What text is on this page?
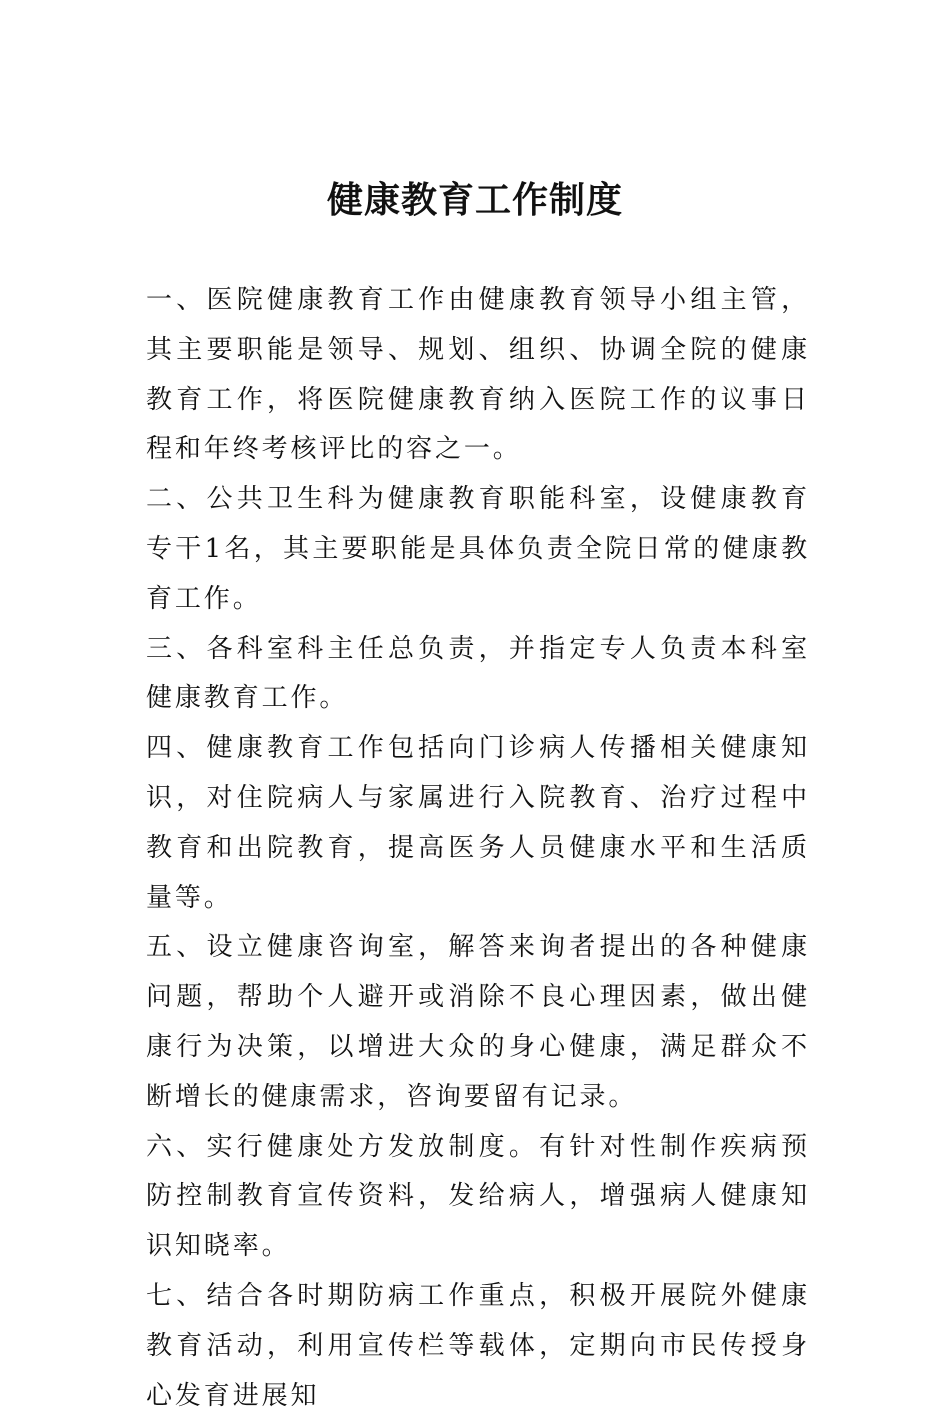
健康教育工作制度

一、医院健康教育工作由健康教育领导小组主管，其主要职能是领导、规划、组织、协调全院的健康教育工作，将医院健康教育纳入医院工作的议事日程和年终考核评比的容之一。

二、公共卫生科为健康教育职能科室，设健康教育专干1名，其主要职能是具体负责全院日常的健康教育工作。

三、各科室科主任总负责，并指定专人负责本科室健康教育工作。

四、健康教育工作包括向门诊病人传播相关健康知识，对住院病人与家属进行入院教育、治疗过程中教育和出院教育，提高医务人员健康水平和生活质量等。

五、设立健康咨询室，解答来询者提出的各种健康问题，帮助个人避开或消除不良心理因素，做出健康行为决策，以增进大众的身心健康，满足群众不断增长的健康需求，咨询要留有记录。

六、实行健康处方发放制度。有针对性制作疾病预防控制教育宣传资料，发给病人，增强病人健康知识知晓率。

七、结合各时期防病工作重点，积极开展院外健康教育活动，利用宣传栏等载体，定期向市民传授身心发育进展知
